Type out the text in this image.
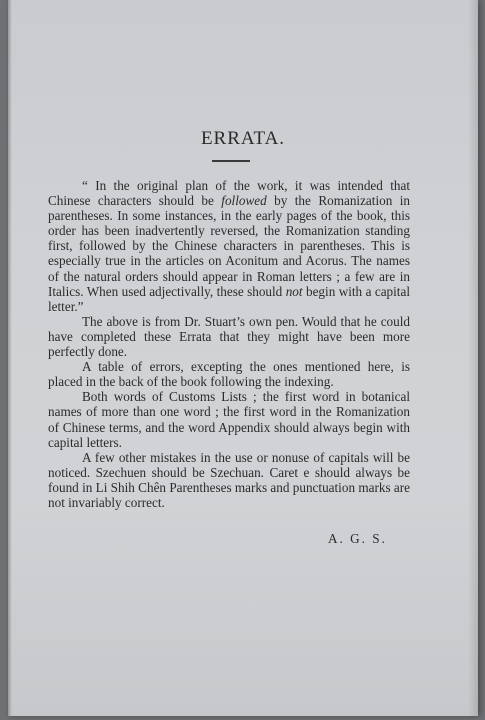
ERRATA.

“ In the original plan of the work, it was intended that Chinese characters should be followed by the Romanization in parentheses. In some instances, in the early pages of the book, this order has been inadvertently reversed, the Romanization standing first, followed by the Chinese characters in parentheses. This is especially true in the articles on Aconitum and Acorus. The names of the natural orders should appear in Roman letters ; a few are in Italics. When used adjectivally, these should not begin with a capital letter.”

The above is from Dr. Stuart’s own pen. Would that he could have completed these Errata that they might have been more perfectly done.

A table of errors, excepting the ones mentioned here, is placed in the back of the book following the indexing.

Both words of Customs Lists ; the first word in botanical names of more than one word ; the first word in the Romanization of Chinese terms, and the word Appendix should always begin with capital letters.

A few other mistakes in the use or nonuse of capitals will be noticed. Szechuen should be Szechuan. Caret e should always be found in Li Shih Chên Parentheses marks and punctuation marks are not invariably correct.

A. G. S.
